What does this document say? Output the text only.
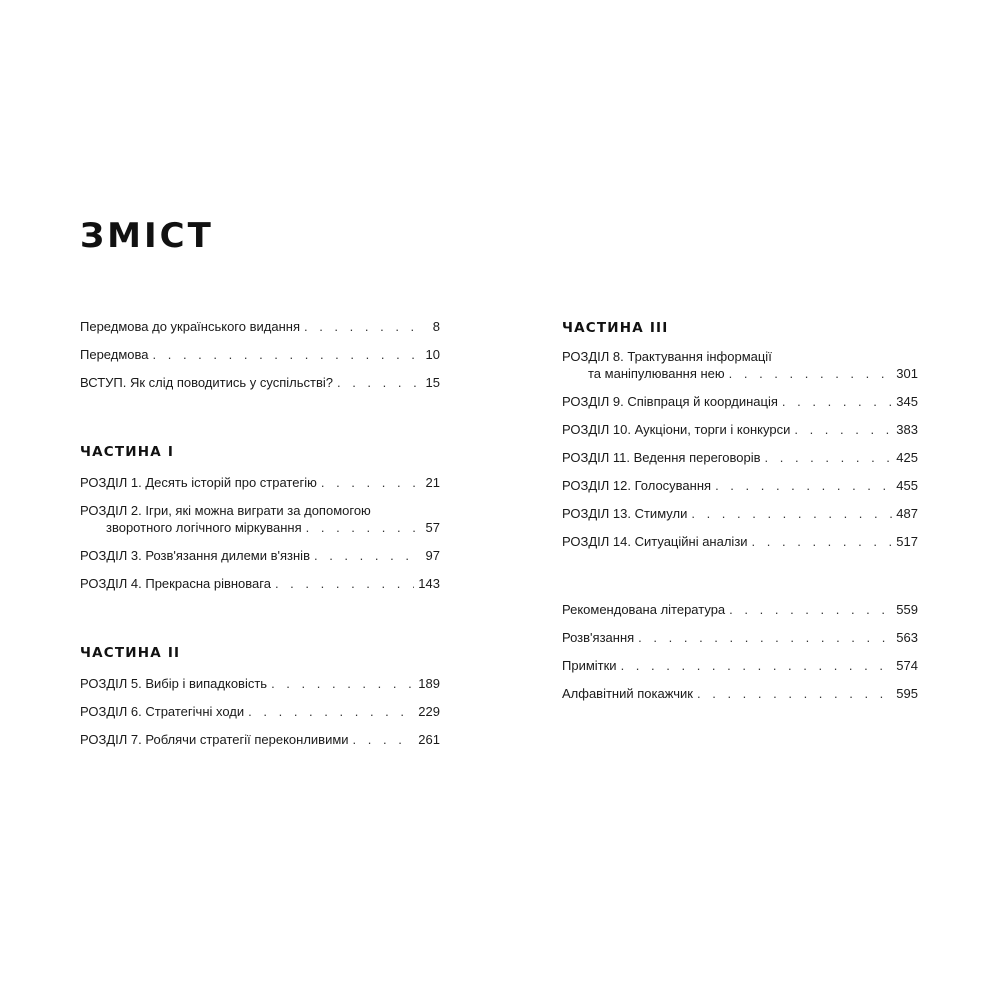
ЗМІСТ
Передмова до українського видання . . .	8
Передмова . . .	10
ВСТУП. Як слід поводитись у суспільстві? . . .	15
ЧАСТИНА I
РОЗДІЛ 1. Десять історій про стратегію . . .	21
РОЗДІЛ 2. Ігри, які можна виграти за допомогою
зворотного логічного міркування . . .	57
РОЗДІЛ 3. Розв'язання дилеми в'язнів . . .	97
РОЗДІЛ 4. Прекрасна рівновага . . .	143
ЧАСТИНА II
РОЗДІЛ 5. Вибір і випадковість . . .	189
РОЗДІЛ 6. Стратегічні ходи . . .	229
РОЗДІЛ 7. Роблячи стратегії переконливими . . .	261
ЧАСТИНА III
РОЗДІЛ 8. Трактування інформації
та маніпулювання нею . . .	301
РОЗДІЛ 9. Співпраця й координація . . .	345
РОЗДІЛ 10. Аукціони, торги і конкурси . . .	383
РОЗДІЛ 11. Ведення переговорів . . .	425
РОЗДІЛ 12. Голосування . . .	455
РОЗДІЛ 13. Стимули . . .	487
РОЗДІЛ 14. Ситуаційні аналізи . . .	517
Рекомендована література . . .	559
Розв'язання . . .	563
Примітки . . .	574
Алфавітний покажчик . . .	595
